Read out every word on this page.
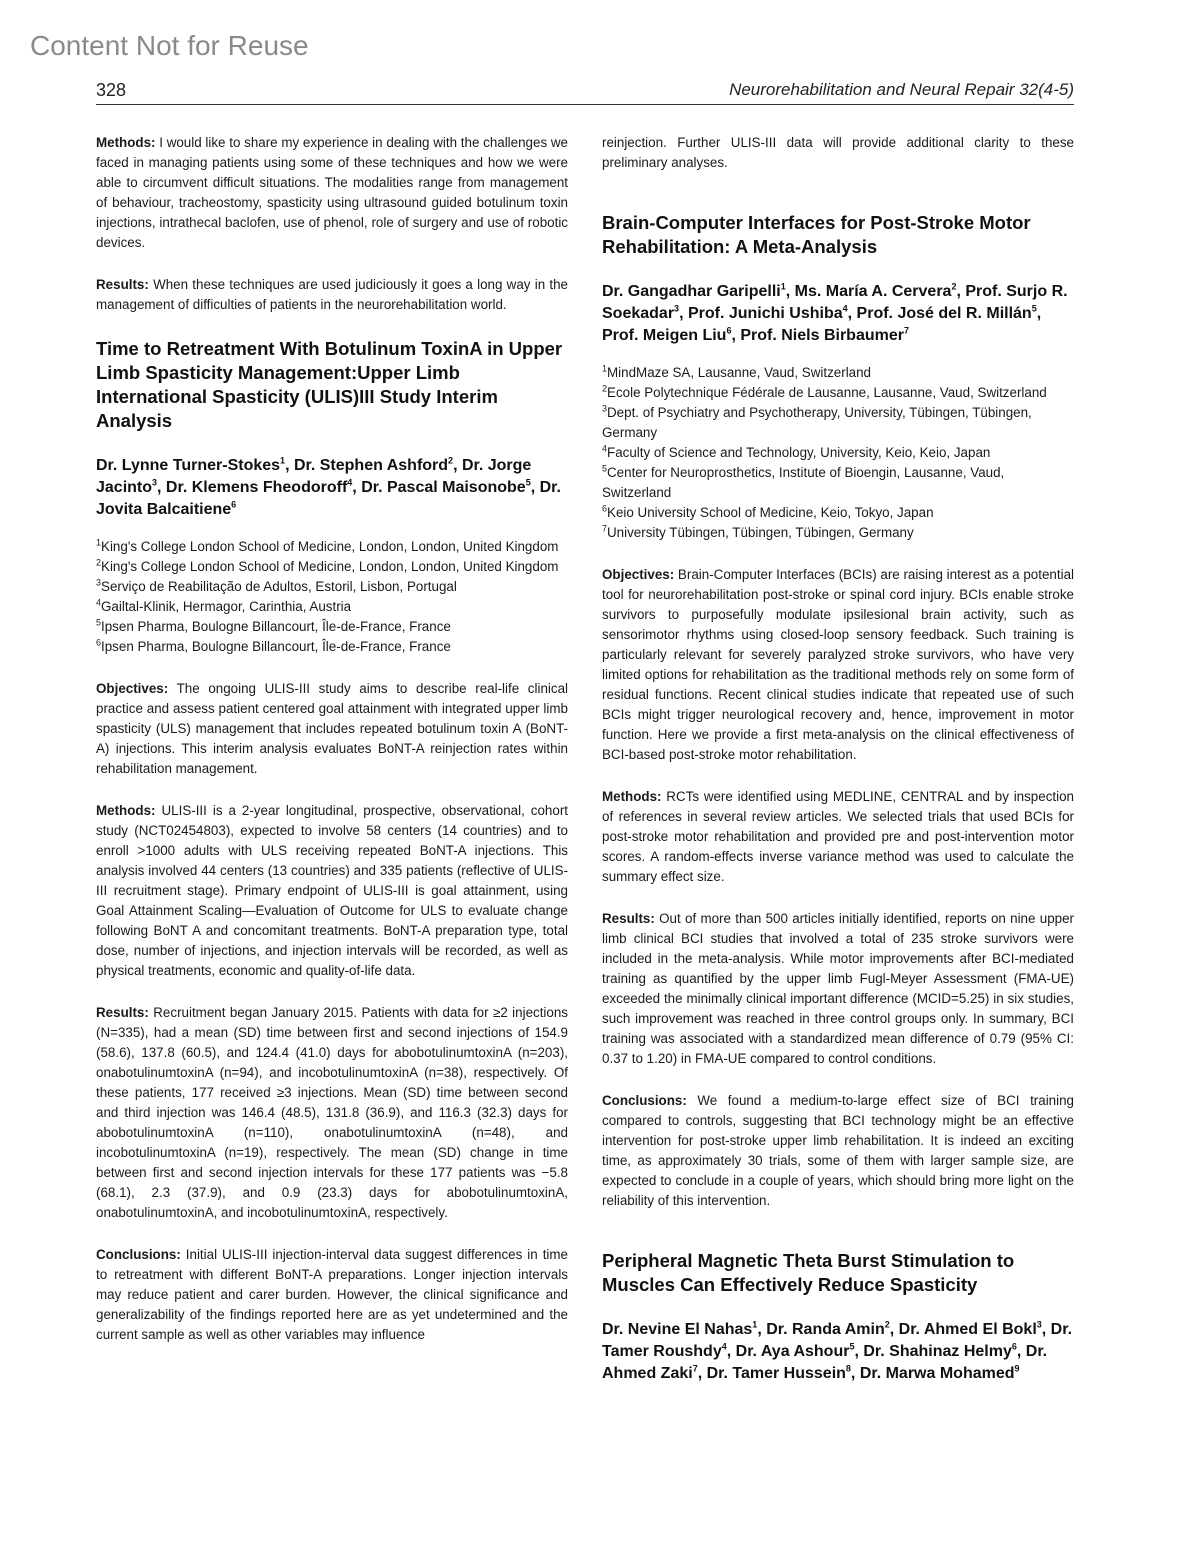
Content Not for Reuse
328	Neurorehabilitation and Neural Repair 32(4-5)

Methods: I would like to share my experience in dealing with the challenges we faced in managing patients using some of these techniques and how we were able to circumvent difficult situations. The modalities range from management of behaviour, tracheostomy, spasticity using ultrasound guided botulinum toxin injections, intrathecal baclofen, use of phenol, role of surgery and use of robotic devices.

Results: When these techniques are used judiciously it goes a long way in the management of difficulties of patients in the neurorehabilitation world.

Time to Retreatment With Botulinum ToxinA in Upper Limb Spasticity Management:Upper Limb International Spasticity (ULIS)III Study Interim Analysis
Dr. Lynne Turner-Stokes$^1$, Dr. Stephen Ashford$^2$, Dr. Jorge Jacinto$^3$, Dr. Klemens Fheodoroff$^4$, Dr. Pascal Maisonobe$^5$, Dr. Jovita Balcaitiene$^6$
$^1$King's College London School of Medicine, London, London, United Kingdom
$^2$King's College London School of Medicine, London, London, United Kingdom
$^3$Serviço de Reabilitação de Adultos, Estoril, Lisbon, Portugal
$^4$Gailtal-Klinik, Hermagor, Carinthia, Austria
$^5$Ipsen Pharma, Boulogne Billancourt, Île-de-France, France
$^6$Ipsen Pharma, Boulogne Billancourt, Île-de-France, France

Objectives: The ongoing ULIS-III study aims to describe real-life clinical practice and assess patient centered goal attainment with integrated upper limb spasticity (ULS) management that includes repeated botulinum toxin A (BoNT-A) injections. This interim analysis evaluates BoNT-A reinjection rates within rehabilitation management.

Methods: ULIS-III is a 2-year longitudinal, prospective, observational, cohort study (NCT02454803), expected to involve 58 centers (14 countries) and to enroll >1000 adults with ULS receiving repeated BoNT-A injections. This analysis involved 44 centers (13 countries) and 335 patients (reflective of ULIS-III recruitment stage). Primary endpoint of ULIS-III is goal attainment, using Goal Attainment Scaling—Evaluation of Outcome for ULS to evaluate change following BoNT A and concomitant treatments. BoNT-A preparation type, total dose, number of injections, and injection intervals will be recorded, as well as physical treatments, economic and quality-of-life data.

Results: Recruitment began January 2015. Patients with data for ≥2 injections (N=335), had a mean (SD) time between first and second injections of 154.9 (58.6), 137.8 (60.5), and 124.4 (41.0) days for abobotulinumtoxinA (n=203), onabotulinumtoxinA (n=94), and incobotulinumtoxinA (n=38), respectively. Of these patients, 177 received ≥3 injections. Mean (SD) time between second and third injection was 146.4 (48.5), 131.8 (36.9), and 116.3 (32.3) days for abobotulinumtoxinA (n=110), onabotulinumtoxinA (n=48), and incobotulinumtoxinA (n=19), respectively. The mean (SD) change in time between first and second injection intervals for these 177 patients was −5.8 (68.1), 2.3 (37.9), and 0.9 (23.3) days for abobotulinumtoxinA, onabotulinumtoxinA, and incobotulinumtoxinA, respectively.

Conclusions: Initial ULIS-III injection-interval data suggest differences in time to retreatment with different BoNT-A preparations. Longer injection intervals may reduce patient and carer burden. However, the clinical significance and generalizability of the findings reported here are as yet undetermined and the current sample as well as other variables may influence

reinjection. Further ULIS-III data will provide additional clarity to these preliminary analyses.

Brain-Computer Interfaces for Post-Stroke Motor Rehabilitation: A Meta-Analysis
Dr. Gangadhar Garipelli$^1$, Ms. María A. Cervera$^2$, Prof. Surjo R. Soekadar$^3$, Prof. Junichi Ushiba$^4$, Prof. José del R. Millán$^5$, Prof. Meigen Liu$^6$, Prof. Niels Birbaumer$^7$
$^1$MindMaze SA, Lausanne, Vaud, Switzerland
$^2$Ecole Polytechnique Fédérale de Lausanne, Lausanne, Vaud, Switzerland
$^3$Dept. of Psychiatry and Psychotherapy, University, Tübingen, Tübingen, Germany
$^4$Faculty of Science and Technology, University, Keio, Keio, Japan
$^5$Center for Neuroprosthetics, Institute of Bioengin, Lausanne, Vaud, Switzerland
$^6$Keio University School of Medicine, Keio, Tokyo, Japan
$^7$University Tübingen, Tübingen, Tübingen, Germany

Objectives: Brain-Computer Interfaces (BCIs) are raising interest as a potential tool for neurorehabilitation post-stroke or spinal cord injury. BCIs enable stroke survivors to purposefully modulate ipsilesional brain activity, such as sensorimotor rhythms using closed-loop sensory feedback. Such training is particularly relevant for severely paralyzed stroke survivors, who have very limited options for rehabilitation as the traditional methods rely on some form of residual functions. Recent clinical studies indicate that repeated use of such BCIs might trigger neurological recovery and, hence, improvement in motor function. Here we provide a first meta-analysis on the clinical effectiveness of BCI-based post-stroke motor rehabilitation.

Methods: RCTs were identified using MEDLINE, CENTRAL and by inspection of references in several review articles. We selected trials that used BCIs for post-stroke motor rehabilitation and provided pre and post-intervention motor scores. A random-effects inverse variance method was used to calculate the summary effect size.

Results: Out of more than 500 articles initially identified, reports on nine upper limb clinical BCI studies that involved a total of 235 stroke survivors were included in the meta-analysis. While motor improvements after BCI-mediated training as quantified by the upper limb Fugl-Meyer Assessment (FMA-UE) exceeded the minimally clinical important difference (MCID=5.25) in six studies, such improvement was reached in three control groups only. In summary, BCI training was associated with a standardized mean difference of 0.79 (95% CI: 0.37 to 1.20) in FMA-UE compared to control conditions.

Conclusions: We found a medium-to-large effect size of BCI training compared to controls, suggesting that BCI technology might be an effective intervention for post-stroke upper limb rehabilitation. It is indeed an exciting time, as approximately 30 trials, some of them with larger sample size, are expected to conclude in a couple of years, which should bring more light on the reliability of this intervention.

Peripheral Magnetic Theta Burst Stimulation to Muscles Can Effectively Reduce Spasticity
Dr. Nevine El Nahas$^1$, Dr. Randa Amin$^2$, Dr. Ahmed El Bokl$^3$, Dr. Tamer Roushdy$^4$, Dr. Aya Ashour$^5$, Dr. Shahinaz Helmy$^6$, Dr. Ahmed Zaki$^7$, Dr. Tamer Hussein$^8$, Dr. Marwa Mohamed$^9$
